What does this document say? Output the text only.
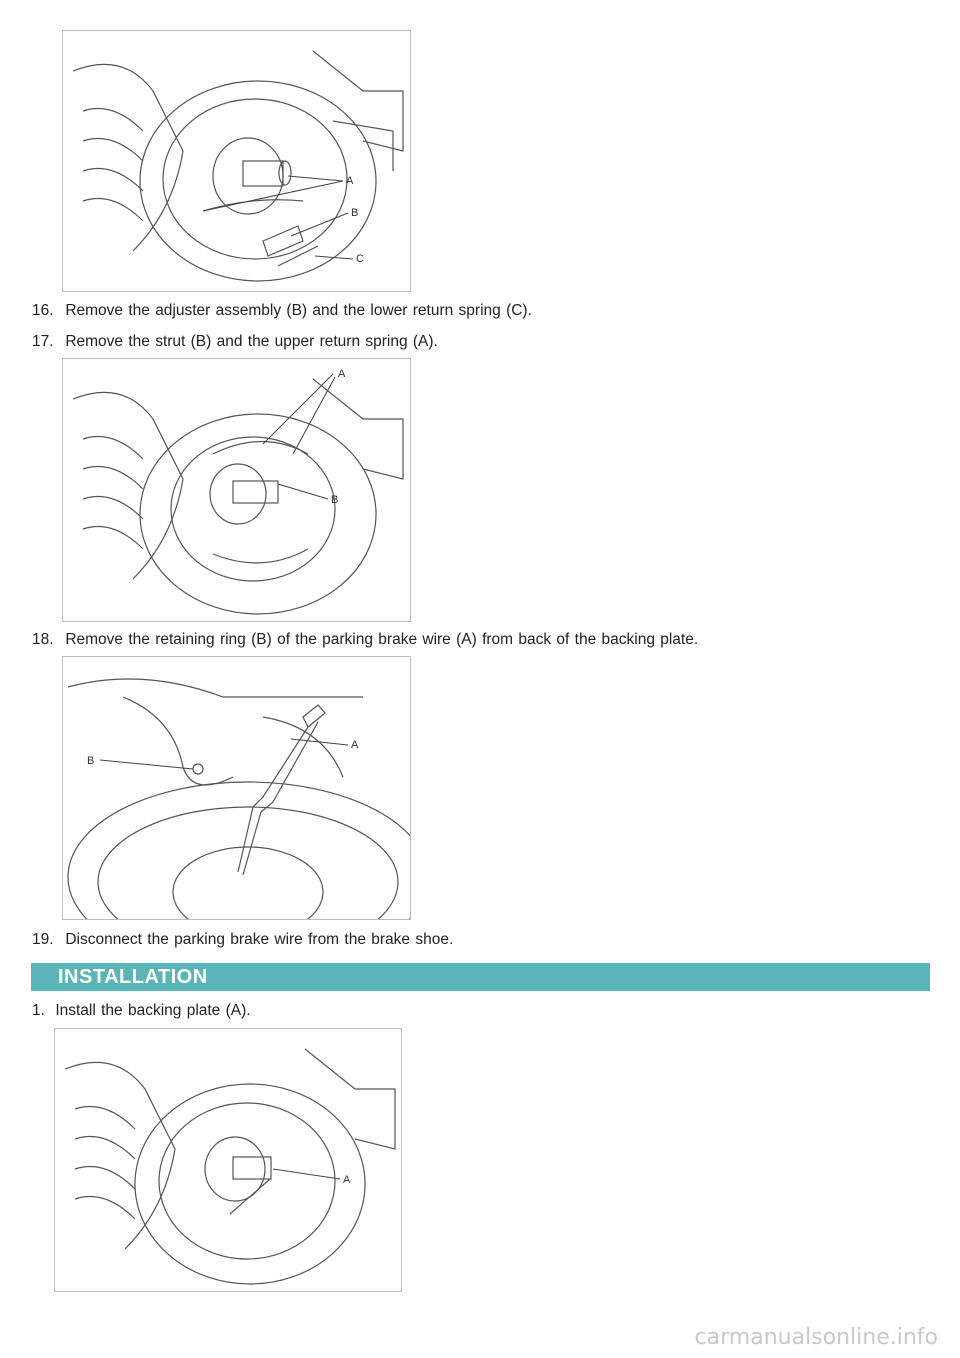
A
B
C
16. Remove the adjuster assembly (B) and the lower return spring (C).
17. Remove the strut (B) and the upper return spring (A).
A
B
18. Remove the retaining ring (B) of the parking brake wire (A) from back of the backing plate.
A
B
19. Disconnect the parking brake wire from the brake shoe.
INSTALLATION
1. Install the backing plate (A).
A
carmanualsonline.info
